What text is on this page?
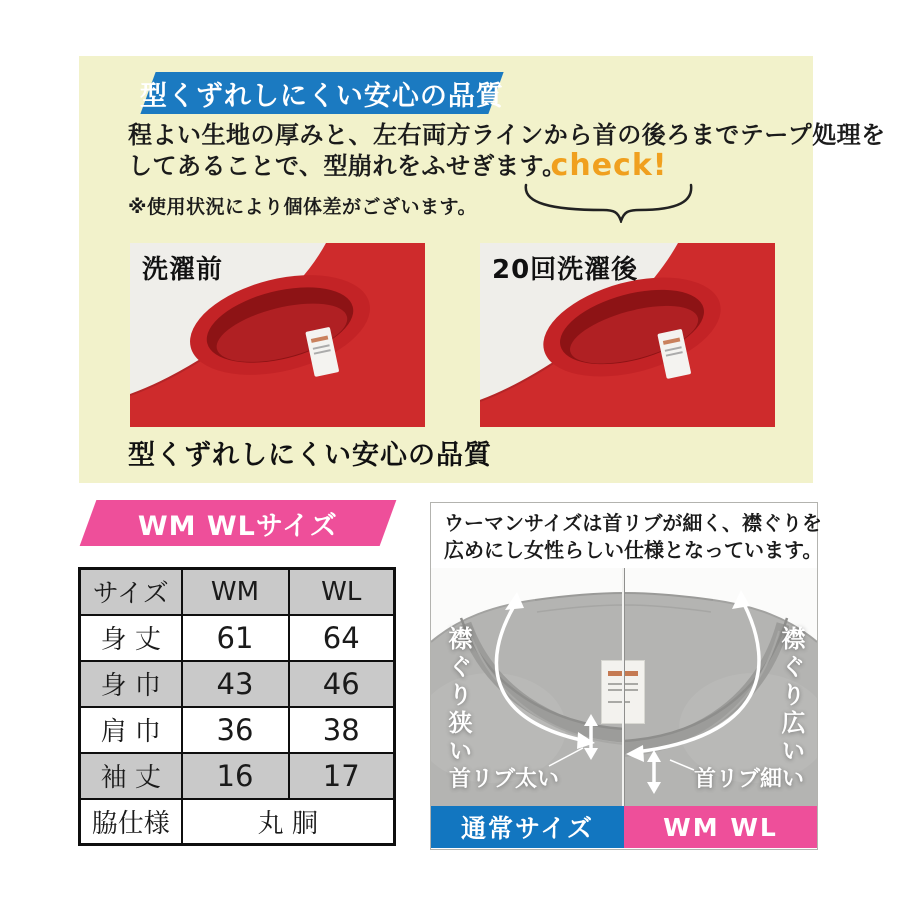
型くずれしにくい安心の品質
程よい生地の厚みと、左右両方ラインから首の後ろまでテープ処理を
してあることで、型崩れをふせぎます。
check!
※使用状況により個体差がございます。
洗濯前	20回洗濯後
型くずれしにくい安心の品質
WM WLサイズ
サイズ	WM	WL
身 丈	61	64
身 巾	43	46
肩 巾	36	38
袖 丈	16	17
脇仕様	丸 胴	
ウーマンサイズは首リブが細く、襟ぐりを
広めにし女性らしい仕様となっています。
襟ぐり狭い
首リブ太い
襟ぐり広い
首リブ細い
通常サイズ	WM WL
